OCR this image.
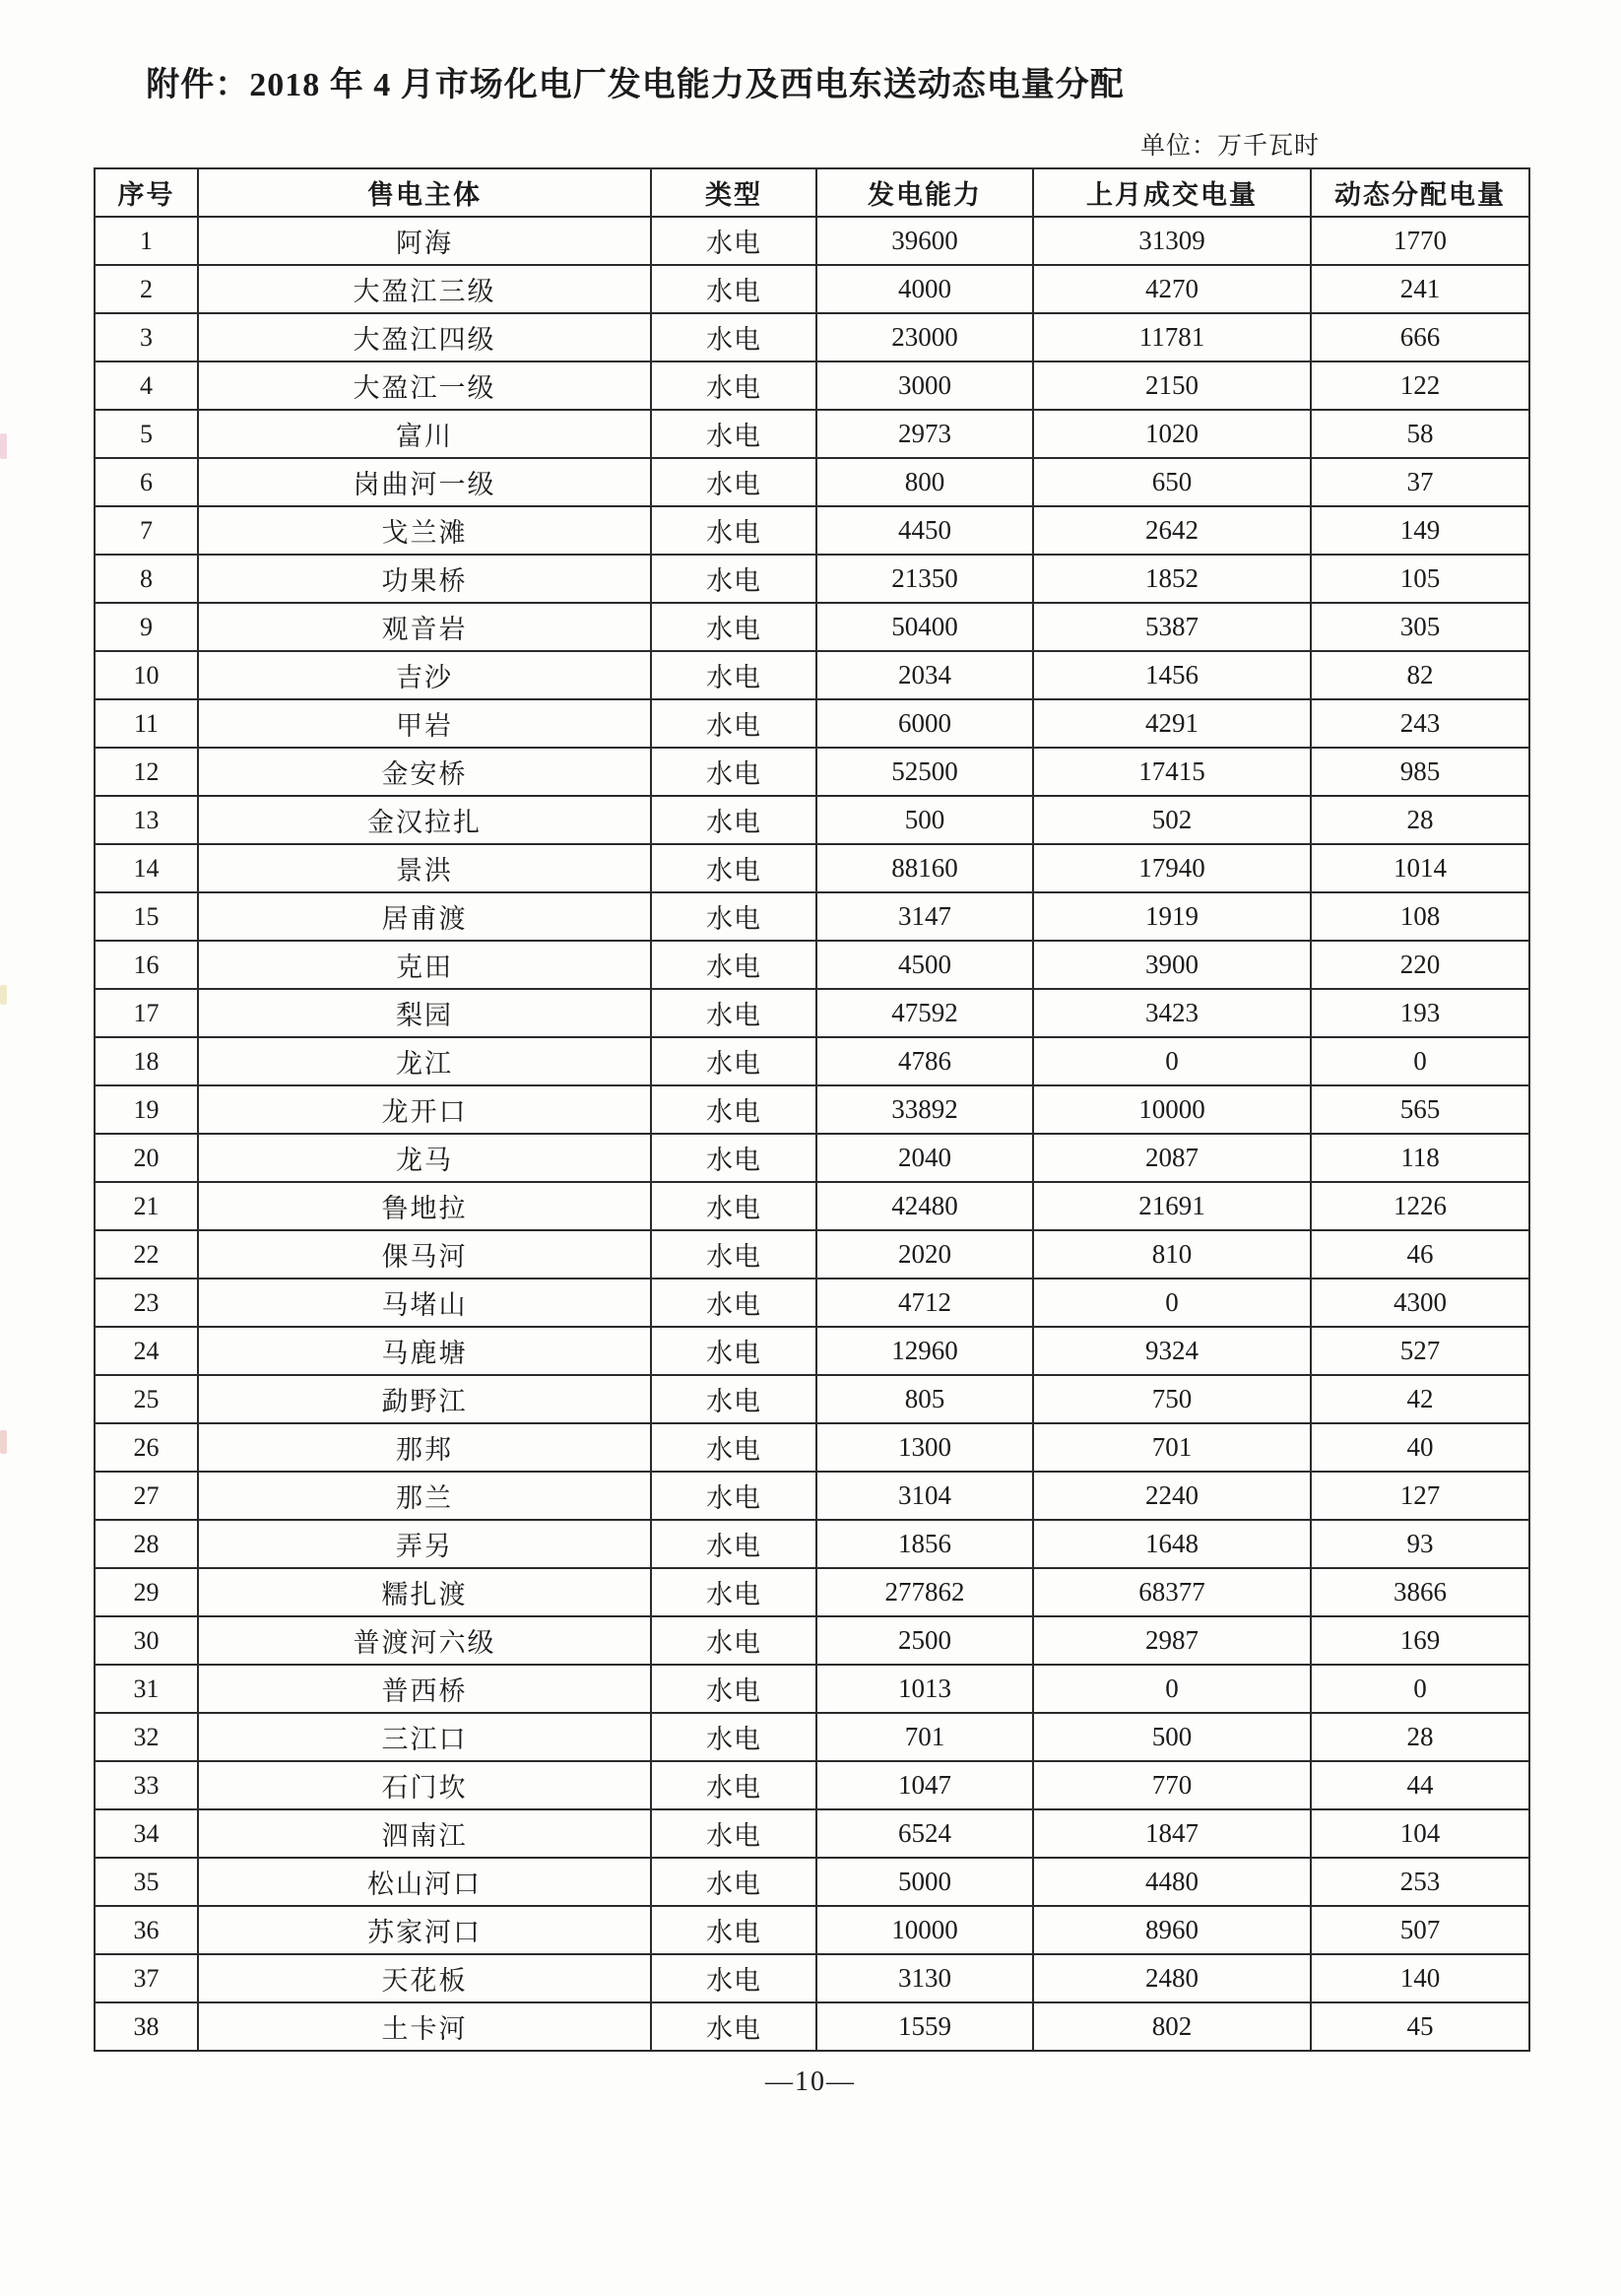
附件：2018 年 4 月市场化电厂发电能力及西电东送动态电量分配
单位：万千瓦时
序号	售电主体	类型	发电能力	上月成交电量	动态分配电量
1	阿海	水电	39600	31309	1770
2	大盈江三级	水电	4000	4270	241
3	大盈江四级	水电	23000	11781	666
4	大盈江一级	水电	3000	2150	122
5	富川	水电	2973	1020	58
6	岗曲河一级	水电	800	650	37
7	戈兰滩	水电	4450	2642	149
8	功果桥	水电	21350	1852	105
9	观音岩	水电	50400	5387	305
10	吉沙	水电	2034	1456	82
11	甲岩	水电	6000	4291	243
12	金安桥	水电	52500	17415	985
13	金汉拉扎	水电	500	502	28
14	景洪	水电	88160	17940	1014
15	居甫渡	水电	3147	1919	108
16	克田	水电	4500	3900	220
17	梨园	水电	47592	3423	193
18	龙江	水电	4786	0	0
19	龙开口	水电	33892	10000	565
20	龙马	水电	2040	2087	118
21	鲁地拉	水电	42480	21691	1226
22	倮马河	水电	2020	810	46
23	马堵山	水电	4712	0	4300
24	马鹿塘	水电	12960	9324	527
25	勐野江	水电	805	750	42
26	那邦	水电	1300	701	40
27	那兰	水电	3104	2240	127
28	弄另	水电	1856	1648	93
29	糯扎渡	水电	277862	68377	3866
30	普渡河六级	水电	2500	2987	169
31	普西桥	水电	1013	0	0
32	三江口	水电	701	500	28
33	石门坎	水电	1047	770	44
34	泗南江	水电	6524	1847	104
35	松山河口	水电	5000	4480	253
36	苏家河口	水电	10000	8960	507
37	天花板	水电	3130	2480	140
38	土卡河	水电	1559	802	45
—10—
